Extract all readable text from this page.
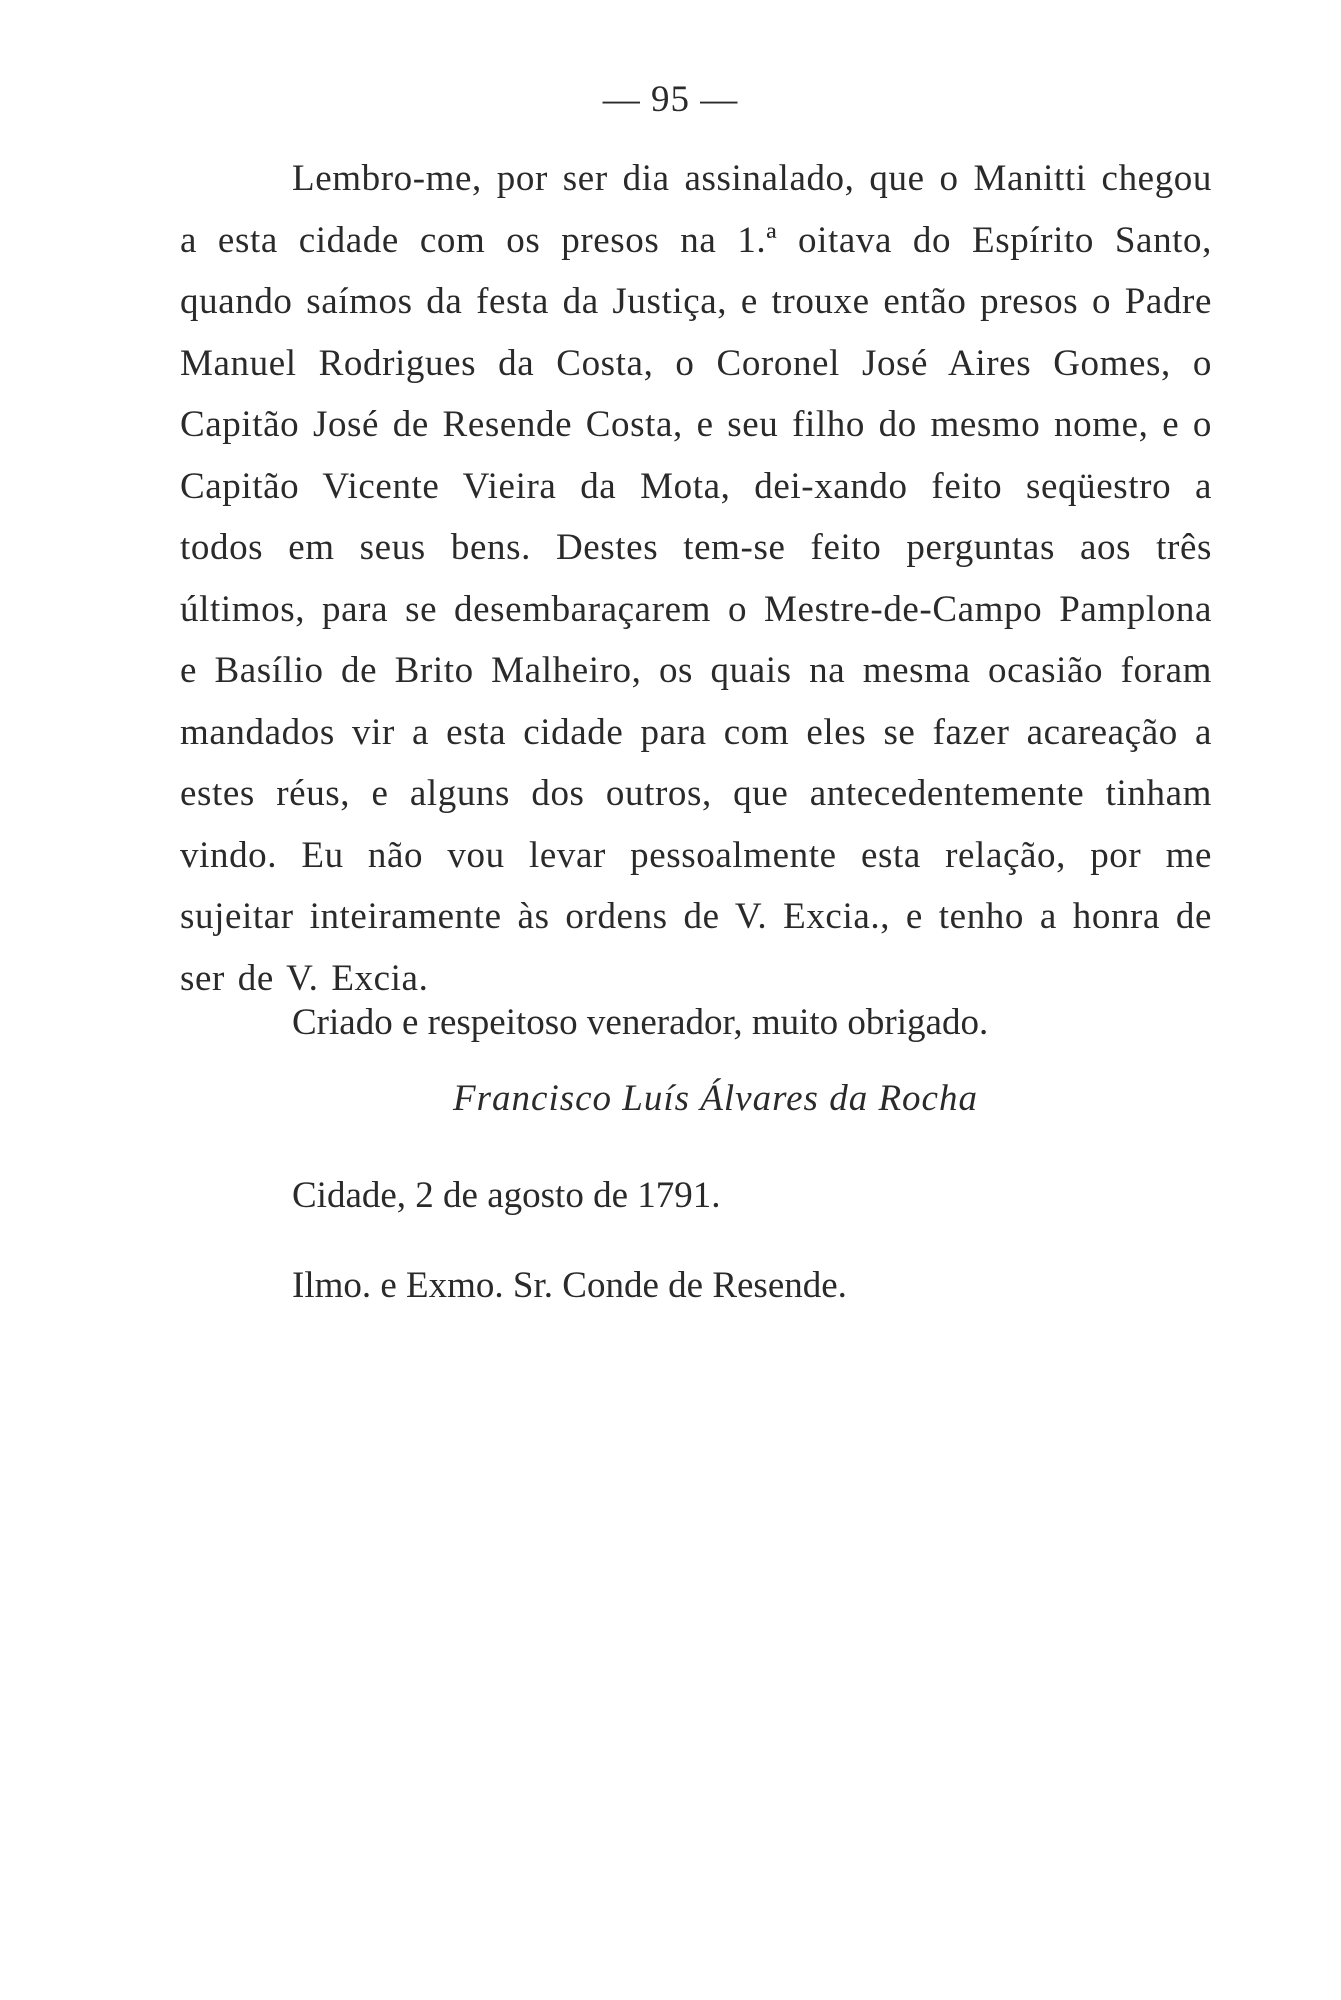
— 95 —

Lembro-me, por ser dia assinalado, que o Manitti chegou a esta cidade com os presos na 1.ª oitava do Espírito Santo, quando saímos da festa da Justiça, e trouxe então presos o Padre Manuel Rodrigues da Costa, o Coronel José Aires Gomes, o Capitão José de Resende Costa, e seu filho do mesmo nome, e o Capitão Vicente Vieira da Mota, dei-xando feito seqüestro a todos em seus bens. Destes tem-se feito perguntas aos três últimos, para se desembaraçarem o Mestre-de-Campo Pamplona e Basílio de Brito Malheiro, os quais na mesma ocasião foram mandados vir a esta cidade para com eles se fazer acareação a estes réus, e alguns dos outros, que antecedentemente tinham vindo. Eu não vou levar pessoalmente esta relação, por me sujeitar inteiramente às ordens de V. Excia., e tenho a honra de ser de V. Excia.

Criado e respeitoso venerador, muito obrigado.

Francisco Luís Álvares da Rocha

Cidade, 2 de agosto de 1791.

Ilmo. e Exmo. Sr. Conde de Resende.
